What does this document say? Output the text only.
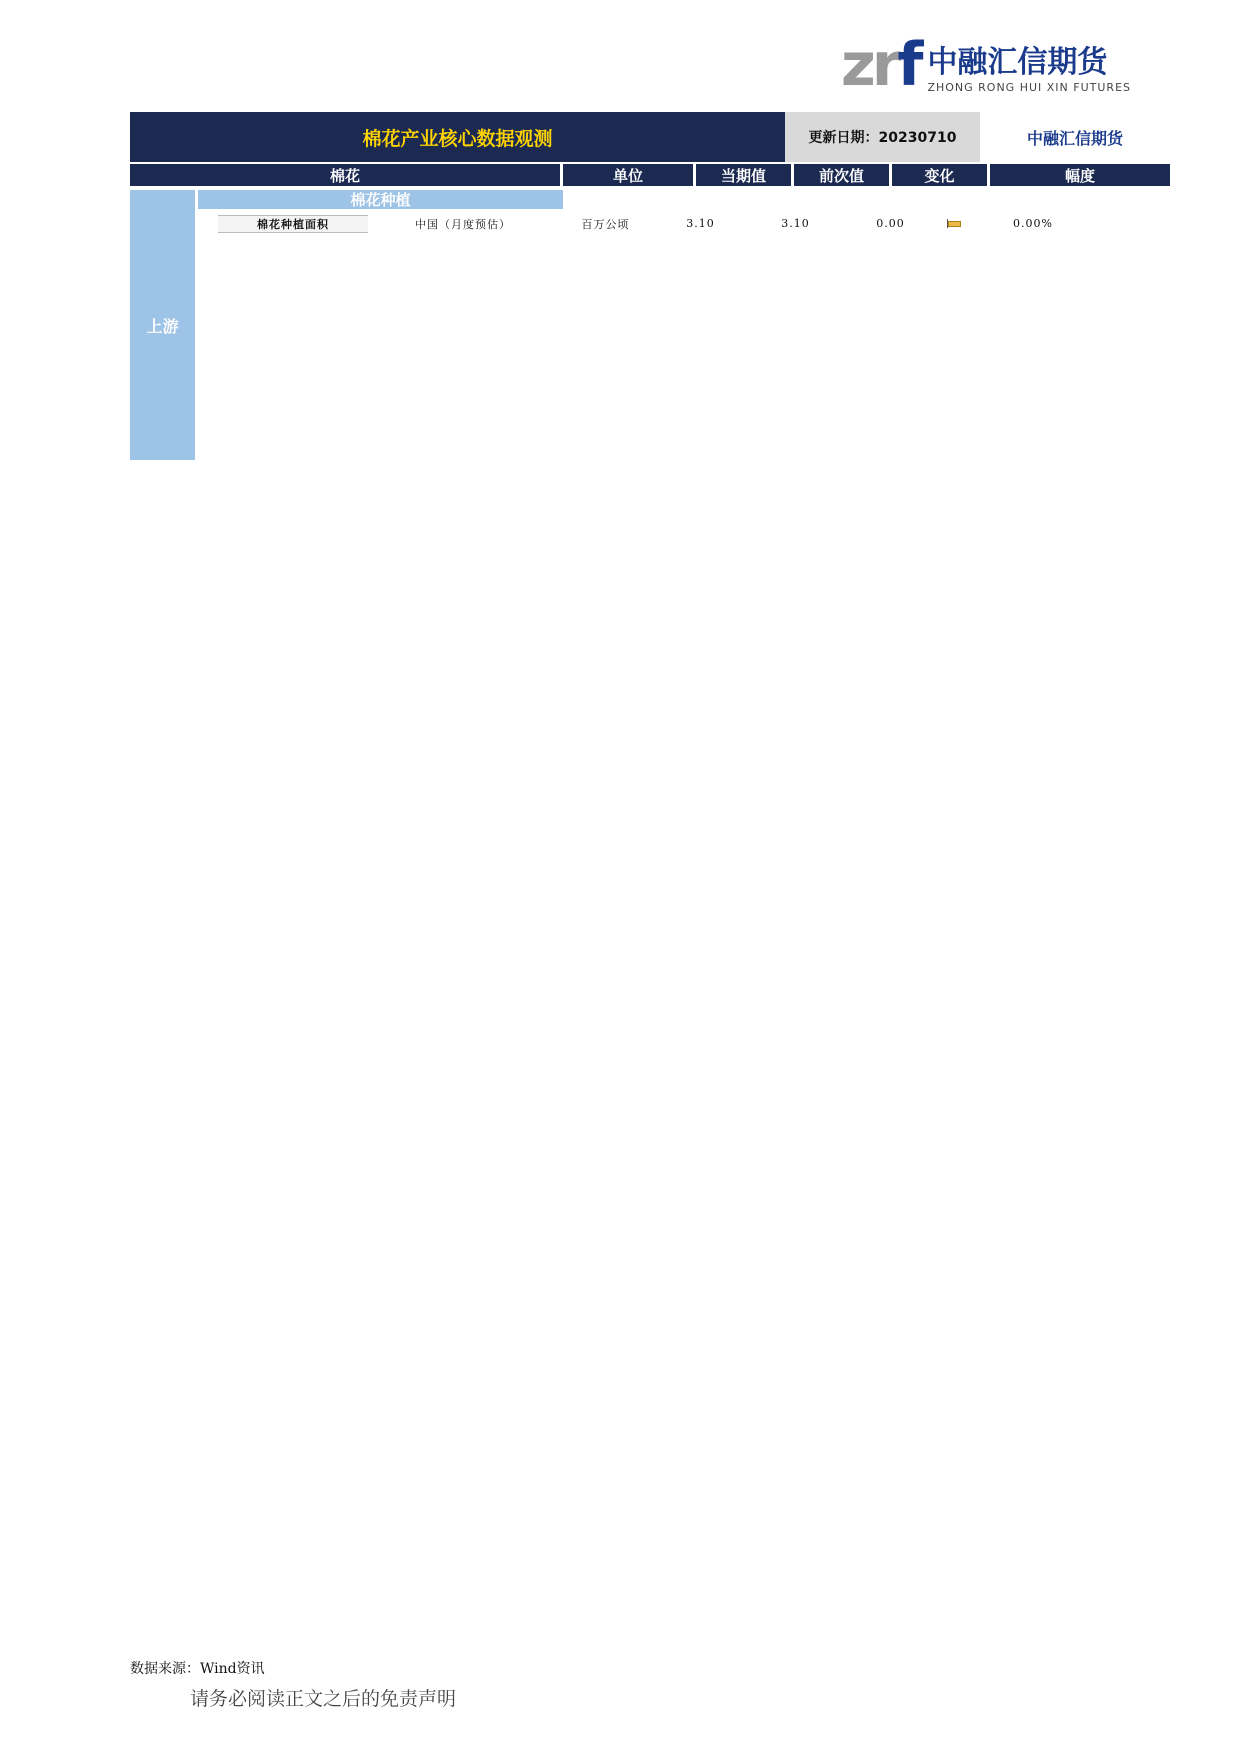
zrf 中融汇信期货
ZHONG RONG HUI XIN FUTURES
棉花产业核心数据观测	更新日期：20230710	中融汇信期货
棉花	单位	当期值	前次值	变化	幅度
上游
棉花种植
棉花种植面积	中国（月度预估）	百万公顷	3.10	3.10	0.00	0.00%
数据来源：Wind资讯
请务必阅读正文之后的免责声明
